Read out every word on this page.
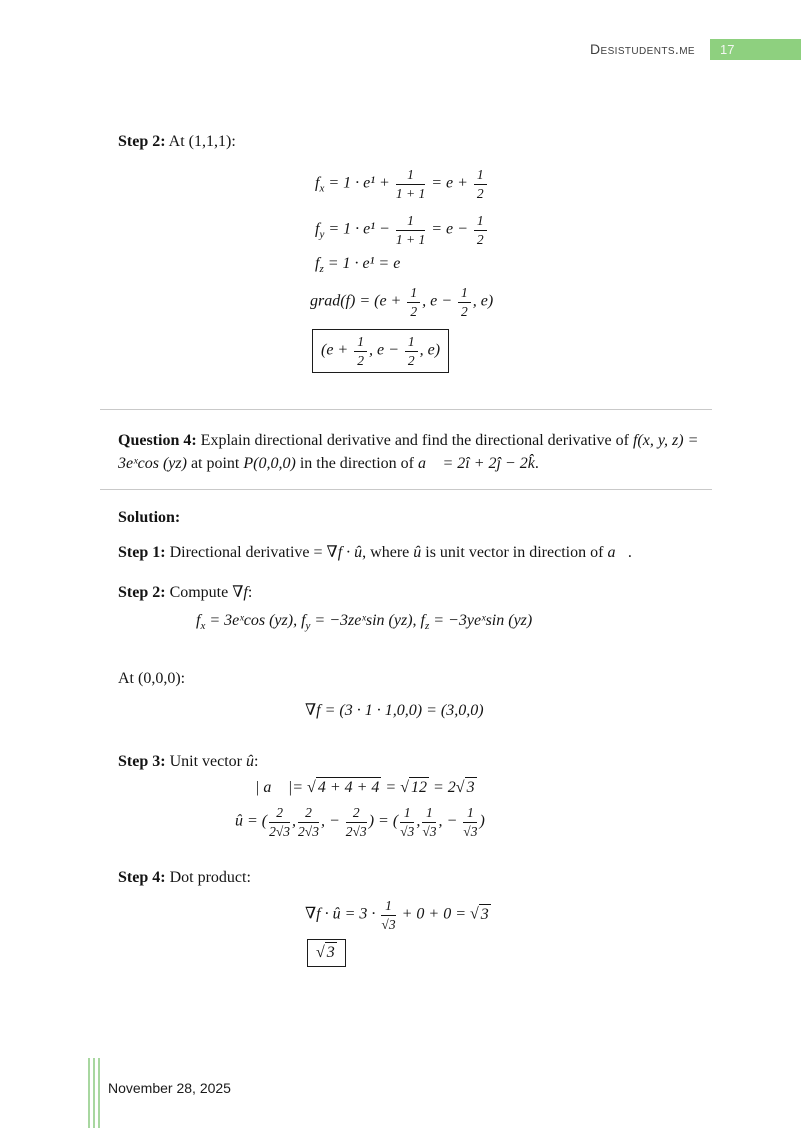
Desistudents.me	17

Step 2: At (1,1,1):

$f_x = 1 \cdot e^1 + \frac{1}{1 + 1} = e + \frac{1}{2}$
$f_y = 1 \cdot e^1 - \frac{1}{1 + 1} = e - \frac{1}{2}$
$f_z = 1 \cdot e^1 = e$
grad(f) = ($e + \frac{1}{2}$ , $e - \frac{1}{2}$ , e)
($e + \frac{1}{2}$ , $e - \frac{1}{2}$ , e)

Question 4: Explain directional derivative and find the directional derivative of f(x, y, z) = 3eˣcos (yz) at point P(0,0,0) in the direction of a⃗ = 2î + 2ĵ − 2k̂.

Solution:

Step 1: Directional derivative = ∇f · û, where û is unit vector in direction of a⃗.

Step 2: Compute ∇f:

$f_x$ = 3eˣcos (yz), $f_y$ = −3zeˣsin (yz), $f_z$ = −3yeˣsin (yz)

At (0,0,0):

∇f = (3 · 1 · 1,0,0) = (3,0,0)

Step 3: Unit vector û:

| a⃗ |= √ 4 + 4 + 4 = √ 12 = 2√ 3
û = ( $\frac{2}{2√3}$ , $\frac{2}{2√3}$ , − $\frac{2}{2√3}$ ) = ( $\frac{1}{√3}$ , $\frac{1}{√3}$ , − $\frac{1}{√3}$ )

Step 4: Dot product:

∇f · û = $3 \cdot \frac{1}{√3} + 0 + 0$ = √ 3
√ 3
November 28, 2025
